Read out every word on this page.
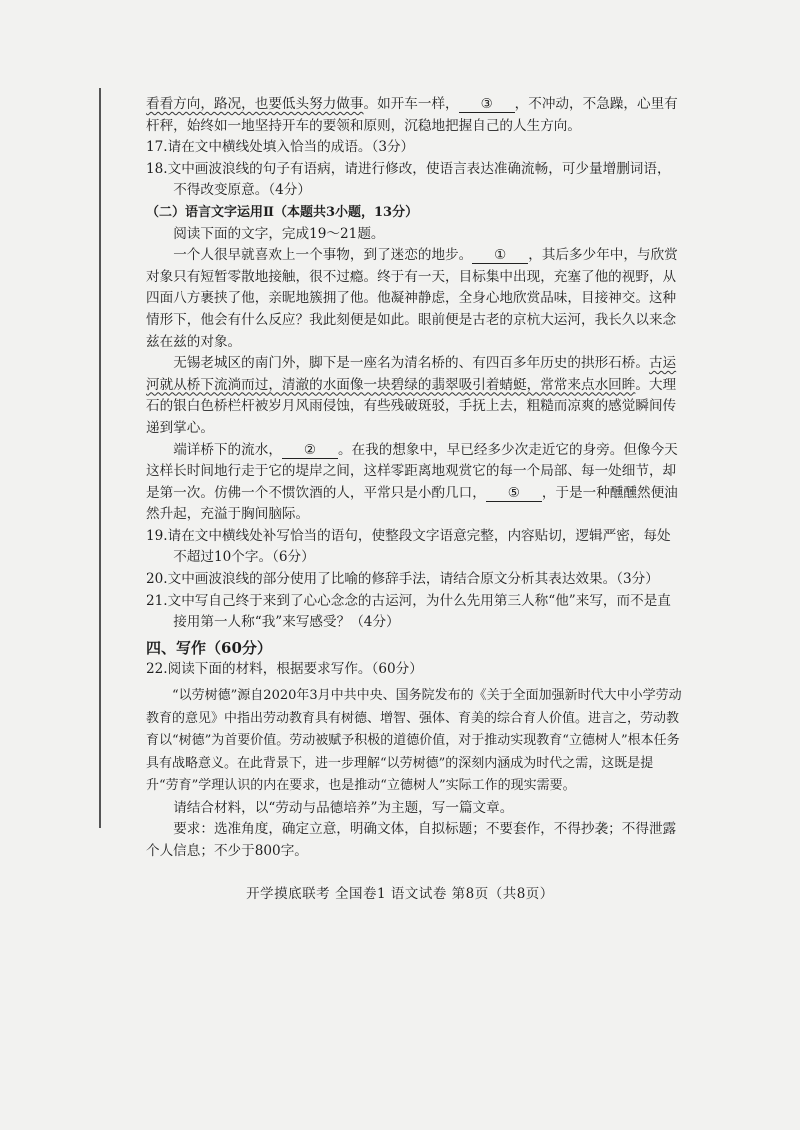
看看方向，路况，也要低头努力做事。如开车一样， ③ ，不冲动，不急躁，心里有杆秤，始终如一地坚持开车的要领和原则，沉稳地把握自己的人生方向。

17.请在文中横线处填入恰当的成语。（3分）

18.文中画波浪线的句子有语病，请进行修改，使语言表达准确流畅，可少量增删词语，不得改变原意。（4分）

（二）语言文字运用Ⅱ（本题共3小题，13分）

阅读下面的文字，完成19～21题。

一个人很早就喜欢上一个事物，到了迷恋的地步。 ① ，其后多少年中，与欣赏对象只有短暂零散地接触，很不过瘾。终于有一天，目标集中出现，充塞了他的视野，从四面八方裹挟了他，亲昵地簇拥了他。他凝神静虑，全身心地欣赏品味，目接神交。这种情形下，他会有什么反应？我此刻便是如此。眼前便是古老的京杭大运河，我长久以来念兹在兹的对象。

无锡老城区的南门外，脚下是一座名为清名桥的、有四百多年历史的拱形石桥。古运河就从桥下流淌而过，清澈的水面像一块碧绿的翡翠吸引着蜻蜓，常常来点水回眸。大理石的银白色桥栏杆被岁月风雨侵蚀，有些残破斑驳，手抚上去，粗糙而凉爽的感觉瞬间传递到掌心。

端详桥下的流水， ② 。在我的想象中，早已经多少次走近它的身旁。但像今天这样长时间地行走于它的堤岸之间，这样零距离地观赏它的每一个局部、每一处细节，却是第一次。仿佛一个不惯饮酒的人，平常只是小酌几口， ⑤ ，于是一种醺醺然便油然升起，充溢于胸间脑际。

19.请在文中横线处补写恰当的语句，使整段文字语意完整，内容贴切，逻辑严密，每处不超过10个字。（6分）

20.文中画波浪线的部分使用了比喻的修辞手法，请结合原文分析其表达效果。（3分）

21.文中写自己终于来到了心心念念的古运河，为什么先用第三人称“他”来写，而不是直接用第一人称“我”来写感受？（4分）

四、写作（60分）

22.阅读下面的材料，根据要求写作。（60分）

“以劳树德”源自2020年3月中共中央、国务院发布的《关于全面加强新时代大中小学劳动教育的意见》中指出劳动教育具有树德、增智、强体、育美的综合育人价值。进言之，劳动教育以“树德”为首要价值。劳动被赋予积极的道德价值，对于推动实现教育“立德树人”根本任务具有战略意义。在此背景下，进一步理解“以劳树德”的深刻内涵成为时代之需，这既是提升“劳育”学理认识的内在要求，也是推动“立德树人”实际工作的现实需要。

请结合材料，以“劳动与品德培养”为主题，写一篇文章。

要求：选准角度，确定立意，明确文体，自拟标题；不要套作，不得抄袭；不得泄露个人信息；不少于800字。

开学摸底联考 全国卷1 语文试卷 第8页（共8页）
